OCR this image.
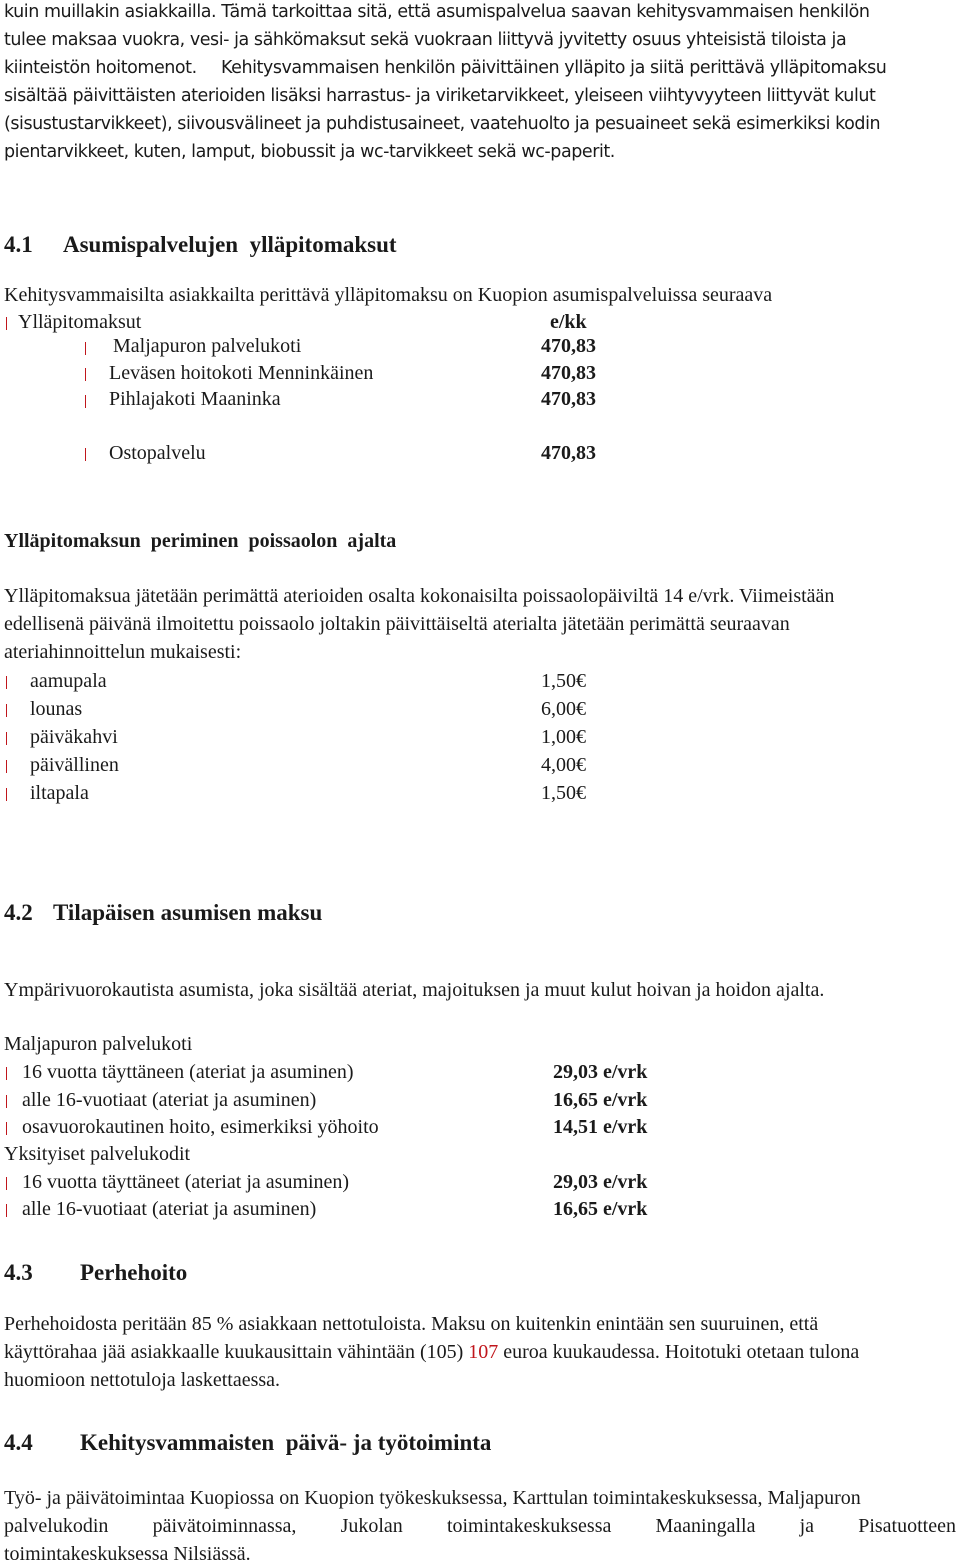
kuin muillakin asiakkailla. Tämä tarkoittaa sitä, että asumispalvelua saavan kehitysvammaisen henkilön
tulee maksaa vuokra, vesi- ja sähkömaksut sekä vuokraan liittyvä jyvitetty osuus yhteisistä tiloista ja
kiinteistön hoitomenot. Kehitysvammaisen henkilön päivittäinen ylläpito ja siitä perittävä ylläpitomaksu
sisältää päivittäisten aterioiden lisäksi harrastus- ja viriketarvikkeet, yleiseen viihtyvyyteen liittyvät kulut
(sisustustarvikkeet), siivousvälineet ja puhdistusaineet, vaatehuolto ja pesuaineet sekä esimerkiksi kodin
pientarvikkeet, kuten, lamput, biobussit ja wc-tarvikkeet sekä wc-paperit.
4.1 Asumispalvelujen  ylläpitomaksut
Kehitysvammaisilta asiakkailta perittävä ylläpitomaksu on Kuopion asumispalveluissa seuraava
Ylläpitomaksut	e/kk
Maljapuron palvelukoti	470,83
Leväsen hoitokoti Menninkäinen	470,83
Pihlajakoti Maaninka	470,83
Ostopalvelu	470,83
Ylläpitomaksun  periminen  poissaolon  ajalta
Ylläpitomaksua jätetään perimättä aterioiden osalta kokonaisilta poissaolopäiviltä 14 e/vrk. Viimeistään
edellisenä päivänä ilmoitettu poissaolo joltakin päivittäiseltä aterialta jätetään perimättä seuraavan
ateriahinnoittelun mukaisesti:
aamupala	1,50€
lounas	6,00€
päiväkahvi	1,00€
päivällinen	4,00€
iltapala	1,50€
4.2 Tilapäisen asumisen maksu
Ympärivuorokautista asumista, joka sisältää ateriat, majoituksen ja muut kulut hoivan ja hoidon ajalta.
Maljapuron palvelukoti
16 vuotta täyttäneen (ateriat ja asuminen)	29,03 e/vrk
alle 16-vuotiaat (ateriat ja asuminen)	16,65 e/vrk
osavuorokautinen hoito, esimerkiksi yöhoito	14,51 e/vrk
Yksityiset palvelukodit
16 vuotta täyttäneet (ateriat ja asuminen)	29,03 e/vrk
alle 16-vuotiaat (ateriat ja asuminen)	16,65 e/vrk
4.3 Perhehoito
Perhehoidosta peritään 85 % asiakkaan nettotuloista. Maksu on kuitenkin enintään sen suuruinen, että
käyttörahaa jää asiakkaalle kuukausittain vähintään (105) 107 euroa kuukaudessa. Hoitotuki otetaan tulona
huomioon nettotuloja laskettaessa.
4.4 Kehitysvammaisten  päivä- ja työtoiminta
Työ- ja päivätoimintaa Kuopiossa on Kuopion työkeskuksessa, Karttulan toimintakeskuksessa, Maljapuron
palvelukodin päivätoiminnassa, Jukolan toimintakeskuksessa Maaningalla ja Pisatuotteen
toimintakeskuksessa Nilsiässä.
